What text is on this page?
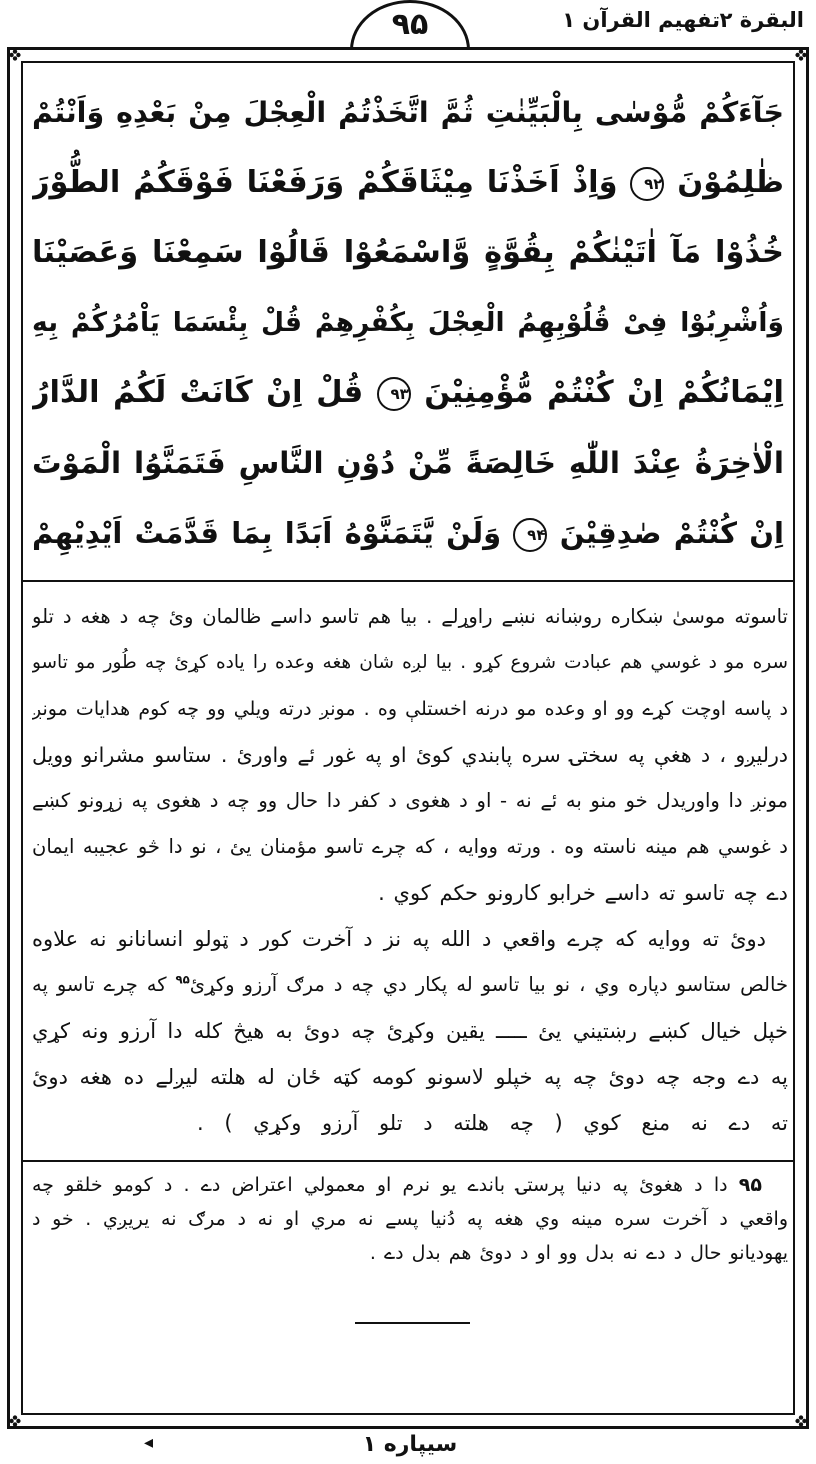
البقرة ۲
تفهیم القرآن ۱
۹۵
جَآءَکُمْ مُّوْسٰی بِالْبَیِّنٰتِ ثُمَّ اتَّخَذْتُمُ الْعِجْلَ مِنْ بَعْدِهِ وَاَنْتُمْ
ظٰلِمُوْنَ ۹۲ وَاِذْ اَخَذْنَا مِیْثَاقَکُمْ وَرَفَعْنَا فَوْقَکُمُ الطُّوْرَ
خُذُوْا مَآ اٰتَیْنٰکُمْ بِقُوَّةٍ وَّاسْمَعُوْا قَالُوْا سَمِعْنَا وَعَصَیْنَا
وَاُشْرِبُوْا فِیْ قُلُوْبِهِمُ الْعِجْلَ بِکُفْرِهِمْ قُلْ بِئْسَمَا یَاْمُرُکُمْ بِهِ
اِیْمَانُکُمْ اِنْ کُنْتُمْ مُّؤْمِنِیْنَ ۹۳ قُلْ اِنْ کَانَتْ لَکُمُ الدَّارُ
الْاٰخِرَةُ عِنْدَ اللّٰهِ خَالِصَةً مِّنْ دُوْنِ النَّاسِ فَتَمَنَّوُا الْمَوْتَ
اِنْ کُنْتُمْ صٰدِقِیْنَ ۹۴ وَلَنْ یَّتَمَنَّوْهُ اَبَدًا بِمَا قَدَّمَتْ اَیْدِیْهِمْ
تاسوته موسیٰ ښکاره روښانه نښے راوړلے . بیا هم تاسو داسے ظالمان وئ چه د هغه د تلو
سره مو د غوسي هم عبادت شروع کړو . بیا لږه شان هغه وعده را یاده کړئ چه طُور مو تاسو
د پاسه اوچت کړے وو او وعده مو درنه اخستلې وه . مونږ درته ویلي وو چه کوم هدایات مونږ
درلیږو ، د هغې په سختۍ سره پابندي کوئ او په غور ئے واورئ . ستاسو مشرانو وویل
مونږ دا واوریدل خو منو به ئے نه - او د هغوی د کفر دا حال وو چه د هغوی په زړونو کښے
د غوسي هم مینه ناسته وه . ورته ووایه ، که چرے تاسو مؤمنان یئ ، نو دا څو عجیبه ایمان
دے چه تاسو ته داسے خرابو کارونو حکم کوي .
دوئ ته ووایه که چرے واقعي د الله په نز د آخرت کور د ټولو انسانانو نه علاوه
خالص ستاسو دپاره وي ، نو بیا تاسو له پکار دي چه د مرګ آرزو وکړئ$^{۹۵}$ که چرے تاسو په
خپل خیال کښے رښتیني یئ ـــــ یقین وکړئ چه دوئ به هیڅ کله دا آرزو ونه کړي
په دے وجه چه دوئ چه په خپلو لاسونو کومه کټه ځان له هلته لیږلے ده هغه دوئ
ته دے نه منع کوي ( چه هلته د تلو آرزو وکړي ) .
۹۵ دا د هغوئ په دنیا پرستۍ باندے یو نرم او معمولي اعتراض دے . د کومو خلقو چه
واقعي د آخرت سره مینه وي هغه په دُنیا پسے نه مري او نه د مرګ نه یریږي . خو د
یهودیانو حال د دے نه بدل وو او د دوئ هم بدل دے .
◂	سیپاره ۱
